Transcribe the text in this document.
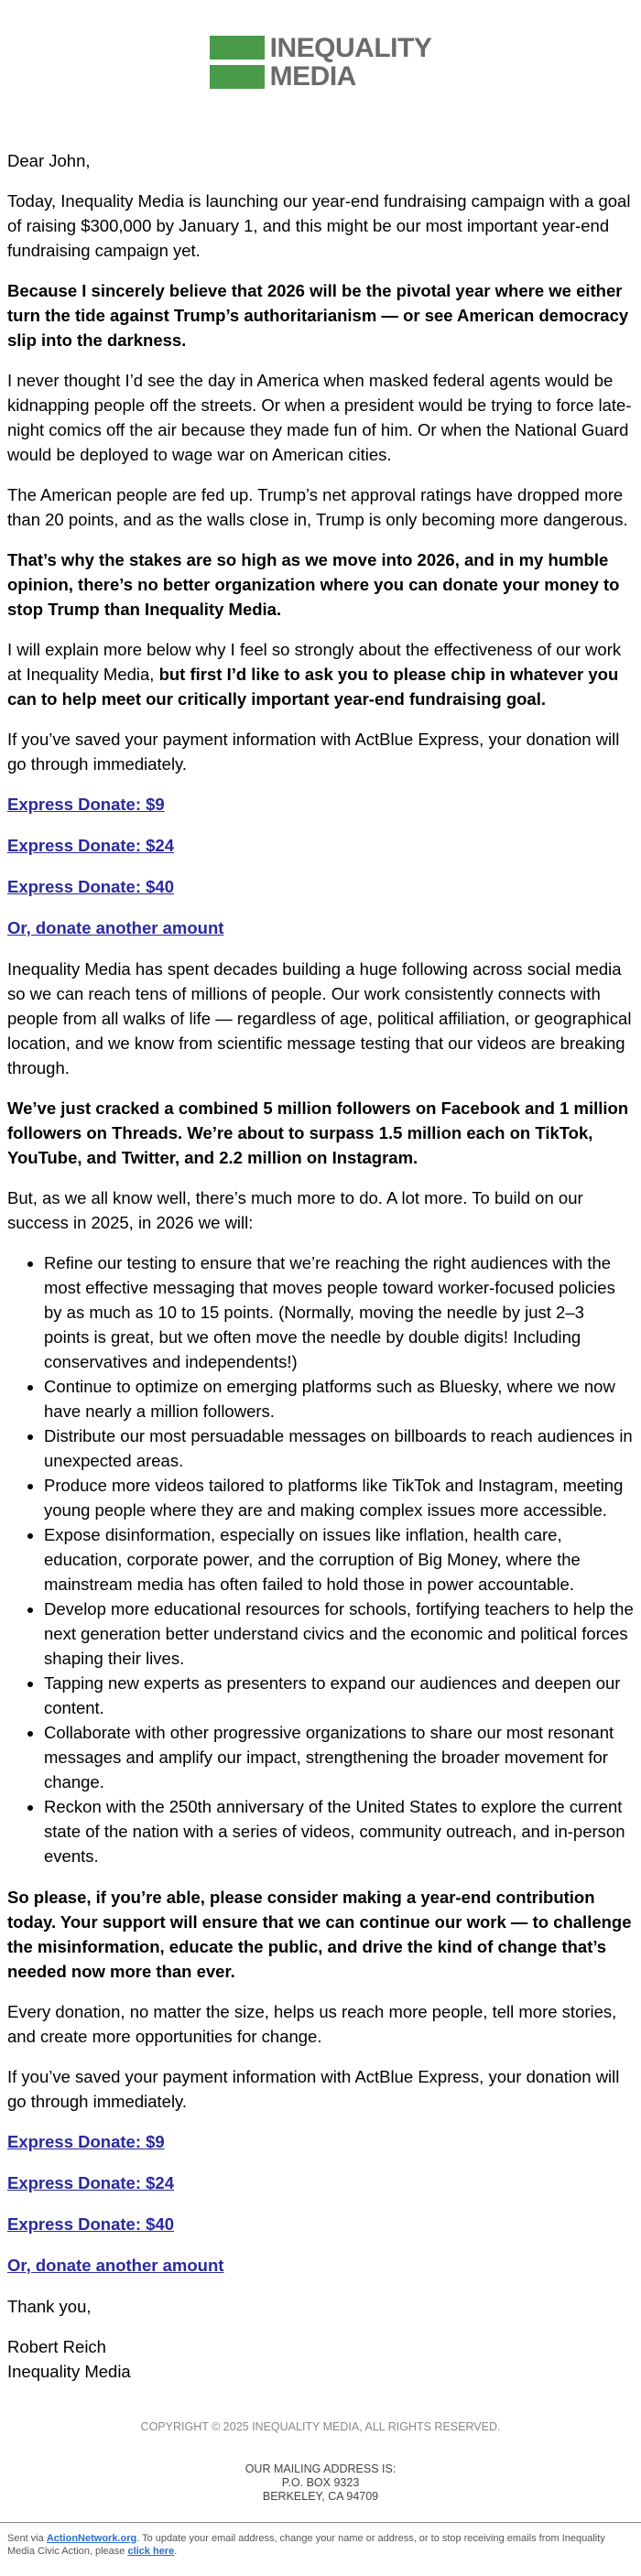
INEQUALITY
MEDIA

Dear John,

Today, Inequality Media is launching our year-end fundraising campaign with a goal of raising $300,000 by January 1, and this might be our most important year-end fundraising campaign yet.

Because I sincerely believe that 2026 will be the pivotal year where we either turn the tide against Trump’s authoritarianism — or see American democracy slip into the darkness.

I never thought I’d see the day in America when masked federal agents would be kidnapping people off the streets. Or when a president would be trying to force late-night comics off the air because they made fun of him. Or when the National Guard would be deployed to wage war on American cities.

The American people are fed up. Trump’s net approval ratings have dropped more than 20 points, and as the walls close in, Trump is only becoming more dangerous.

That’s why the stakes are so high as we move into 2026, and in my humble opinion, there’s no better organization where you can donate your money to stop Trump than Inequality Media.

I will explain more below why I feel so strongly about the effectiveness of our work at Inequality Media, but first I’d like to ask you to please chip in whatever you can to help meet our critically important year-end fundraising goal.

If you’ve saved your payment information with ActBlue Express, your donation will go through immediately.

Express Donate: $9
Express Donate: $24
Express Donate: $40
Or, donate another amount

Inequality Media has spent decades building a huge following across social media so we can reach tens of millions of people. Our work consistently connects with people from all walks of life — regardless of age, political affiliation, or geographical location, and we know from scientific message testing that our videos are breaking through.

We’ve just cracked a combined 5 million followers on Facebook and 1 million followers on Threads. We’re about to surpass 1.5 million each on TikTok, YouTube, and Twitter, and 2.2 million on Instagram.

But, as we all know well, there’s much more to do. A lot more. To build on our success in 2025, in 2026 we will:

• Refine our testing to ensure that we’re reaching the right audiences with the most effective messaging that moves people toward worker-focused policies by as much as 10 to 15 points. (Normally, moving the needle by just 2–3 points is great, but we often move the needle by double digits! Including conservatives and independents!)
• Continue to optimize on emerging platforms such as Bluesky, where we now have nearly a million followers.
• Distribute our most persuadable messages on billboards to reach audiences in unexpected areas.
• Produce more videos tailored to platforms like TikTok and Instagram, meeting young people where they are and making complex issues more accessible.
• Expose disinformation, especially on issues like inflation, health care, education, corporate power, and the corruption of Big Money, where the mainstream media has often failed to hold those in power accountable.
• Develop more educational resources for schools, fortifying teachers to help the next generation better understand civics and the economic and political forces shaping their lives.
• Tapping new experts as presenters to expand our audiences and deepen our content.
• Collaborate with other progressive organizations to share our most resonant messages and amplify our impact, strengthening the broader movement for change.
• Reckon with the 250th anniversary of the United States to explore the current state of the nation with a series of videos, community outreach, and in-person events.

So please, if you’re able, please consider making a year-end contribution today. Your support will ensure that we can continue our work — to challenge the misinformation, educate the public, and drive the kind of change that’s needed now more than ever.

Every donation, no matter the size, helps us reach more people, tell more stories, and create more opportunities for change.

If you’ve saved your payment information with ActBlue Express, your donation will go through immediately.

Express Donate: $9
Express Donate: $24
Express Donate: $40
Or, donate another amount

Thank you,

Robert Reich
Inequality Media
COPYRIGHT © 2025 INEQUALITY MEDIA, ALL RIGHTS RESERVED.
OUR MAILING ADDRESS IS:
P.O. BOX 9323
BERKELEY, CA 94709
Sent via ActionNetwork.org. To update your email address, change your name or address, or to stop receiving emails from Inequality Media Civic Action, please click here.
